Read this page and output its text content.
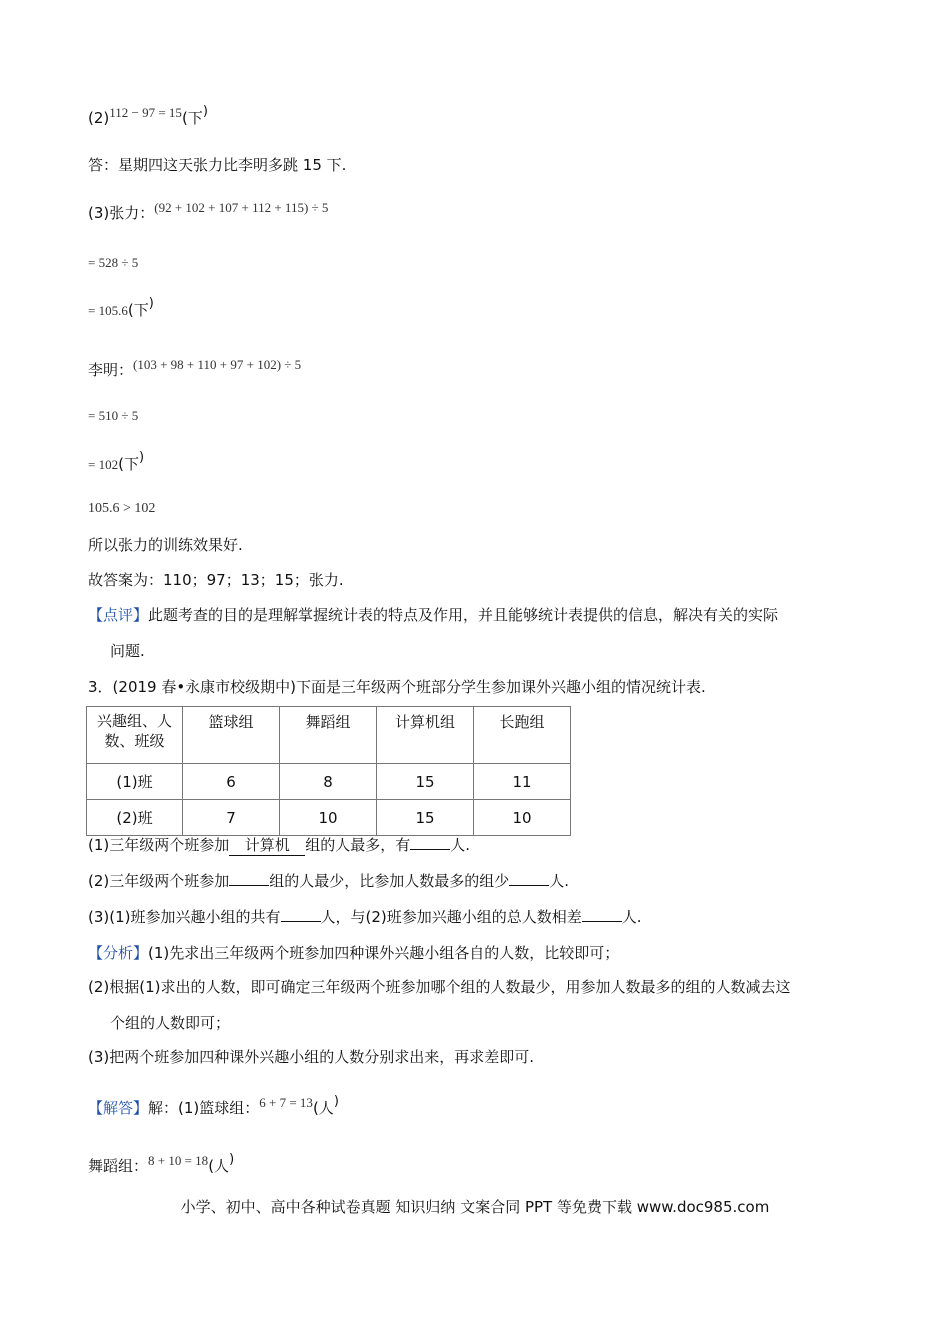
(2)112 − 97 = 15(下)
答：星期四这天张力比李明多跳 15 下.
(3)张力：(92 + 102 + 107 + 112 + 115) ÷ 5
= 528 ÷ 5
= 105.6(下)
李明：(103 + 98 + 110 + 97 + 102) ÷ 5
= 510 ÷ 5
= 102(下)
105.6 > 102
所以张力的训练效果好.
故答案为：110；97；13；15；张力.
【点评】此题考查的目的是理解掌握统计表的特点及作用，并且能够统计表提供的信息，解决有关的实际
问题.
3．(2019 春•永康市校级期中)下面是三年级两个班部分学生参加课外兴趣小组的情况统计表.
兴趣组、人
数、班级	篮球组	舞蹈组	计算机组	长跑组
(1)班	6	8	15	11
(2)班	7	10	15	10
(1)三年级两个班参加 计算机 组的人最多，有	人.
(2)三年级两个班参加	组的人最少，比参加人数最多的组少	人.
(3)(1)班参加兴趣小组的共有	人，与(2)班参加兴趣小组的总人数相差	人.
【分析】(1)先求出三年级两个班参加四种课外兴趣小组各自的人数，比较即可；
(2)根据(1)求出的人数，即可确定三年级两个班参加哪个组的人数最少，用参加人数最多的组的人数减去这
个组的人数即可；
(3)把两个班参加四种课外兴趣小组的人数分别求出来，再求差即可.
【解答】解：(1)篮球组：6 + 7 = 13(人)
舞蹈组：8 + 10 = 18(人)
小学、初中、高中各种试卷真题 知识归纳 文案合同 PPT 等免费下载 www.doc985.com
